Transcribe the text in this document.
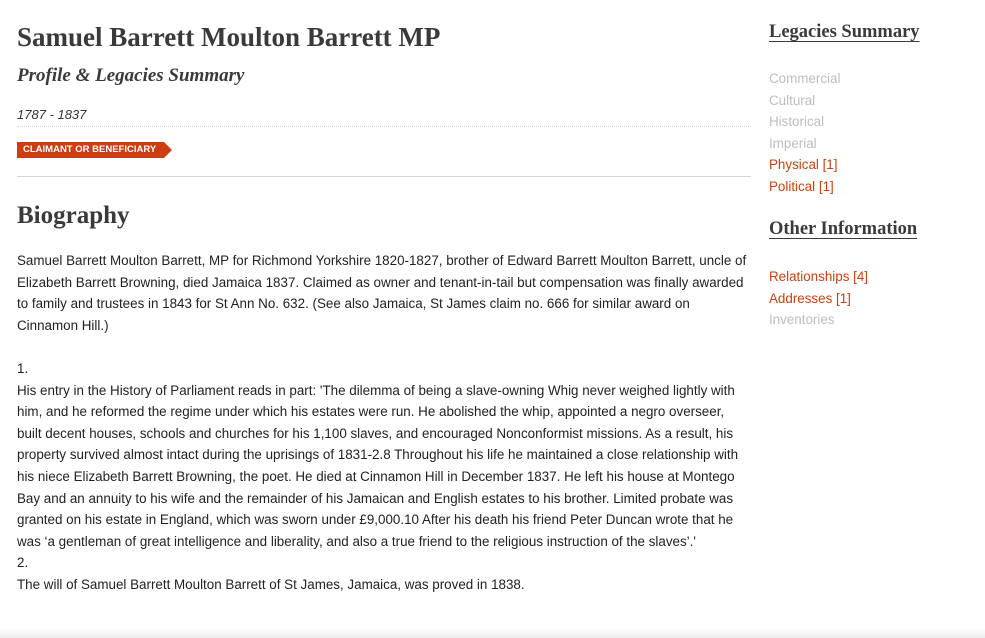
Samuel Barrett Moulton Barrett MP
Profile & Legacies Summary
1787 - 1837
CLAIMANT OR BENEFICIARY
Biography

Samuel Barrett Moulton Barrett, MP for Richmond Yorkshire 1820-1827, brother of Edward Barrett Moulton Barrett, uncle of Elizabeth Barrett Browning, died Jamaica 1837. Claimed as owner and tenant-in-tail but compensation was finally awarded to family and trustees in 1843 for St Ann No. 632. (See also Jamaica, St James claim no. 666 for similar award on Cinnamon Hill.)

1.

His entry in the History of Parliament reads in part: 'The dilemma of being a slave-owning Whig never weighed lightly with him, and he reformed the regime under which his estates were run. He abolished the whip, appointed a negro overseer, built decent houses, schools and churches for his 1,100 slaves, and encouraged Nonconformist missions. As a result, his property survived almost intact during the uprisings of 1831-2.8 Throughout his life he maintained a close relationship with his niece Elizabeth Barrett Browning, the poet. He died at Cinnamon Hill in December 1837. He left his house at Montego Bay and an annuity to his wife and the remainder of his Jamaican and English estates to his brother. Limited probate was granted on his estate in England, which was sworn under £9,000.10 After his death his friend Peter Duncan wrote that he was ‘a gentleman of great intelligence and liberality, and also a true friend to the religious instruction of the slaves’.'

2.

The will of Samuel Barrett Moulton Barrett of St James, Jamaica, was proved in 1838.

Legacies Summary
Commercial
Cultural
Historical
Imperial
Physical [1]
Political [1]
Other Information
Relationships [4]
Addresses [1]
Inventories
